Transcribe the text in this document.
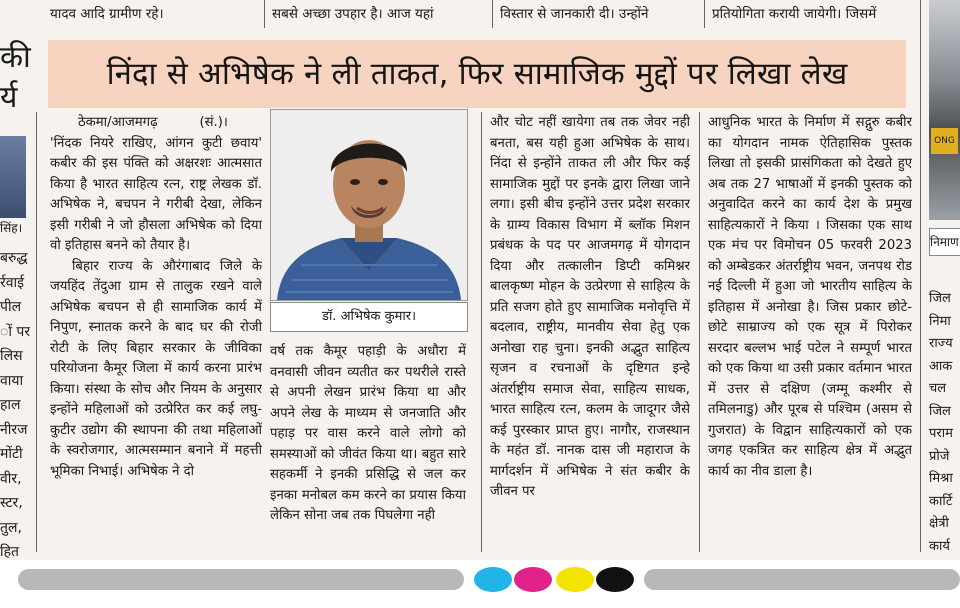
यादव आदि ग्रामीण रहे।	सबसे अच्छा उपहार है। आज यहां	विस्तार से जानकारी दी। उन्होंने	प्रतियोगिता करायी जायेगी। जिसमें
की
र्य
सिंह।
बरुद्ध
र्रवाई
पील
ों पर
लिस
वाया
हाल
नीरज
मोंटी
वीर,
स्टर,
तुल,
हित
ONG
निमाण
जिल
निमा
राज्य
आक
चल
जिल
पराम
प्रोजे
मिश्रा
कार्टि
क्षेत्री
कार्य
निंदा से अभिषेक ने ली ताकत, फिर सामाजिक मुद्दों पर लिखा लेख

ठेकमा/आजमगढ़          (सं.)।

'निंदक नियरे राखिए, आंगन कुटी छवाय' कबीर की इस पंक्ति को अक्षरशः आत्मसात किया है भारत साहित्य रत्न, राष्ट्र लेखक डॉ. अभिषेक ने, बचपन ने गरीबी देखा, लेकिन इसी गरीबी ने जो हौसला अभिषेक को दिया वो इतिहास बनने को तैयार है।

बिहार राज्य के औरंगाबाद जिले के जयहिंद तेंदुआ ग्राम से तालुक रखने वाले अभिषेक बचपन से ही सामाजिक कार्य में निपुण, स्नातक करने के बाद घर की रोजी रोटी के लिए बिहार सरकार के जीविका परियोजना कैमूर जिला में कार्य करना प्रारंभ किया। संस्था के सोच और नियम के अनुसार इन्होंने महिलाओं को उत्प्रेरित कर कई लघु- कुटीर उद्योग की स्थापना की तथा महिलाओं के स्वरोजगार, आत्मसम्मान बनाने में महत्ती भूमिका निभाई। अभिषेक ने दो

डॉ. अभिषेक कुमार।

वर्ष तक कैमूर पहाड़ी के अधौरा में वनवासी जीवन व्यतीत कर पथरीले रास्ते से अपनी लेखन प्रारंभ किया था और अपने लेख के माध्यम से जनजाति और पहाड़ पर वास करने वाले लोगो को समस्याओं को जीवंत किया था। बहुत सारे सहकर्मी ने इनकी प्रसिद्धि से जल कर इनका मनोबल कम करने का प्रयास किया लेकिन सोना जब तक पिघलेगा नही

और चोट नहीं खायेगा तब तक जेवर नही बनता, बस यही हुआ अभिषेक के साथ। निंदा से इन्होंने ताकत ली और फिर कई सामाजिक मुद्दों पर इनके द्वारा लिखा जाने लगा। इसी बीच इन्होंने उत्तर प्रदेश सरकार के ग्राम्य विकास विभाग में ब्लॉक मिशन प्रबंधक के पद पर आजमगढ़ में योगदान दिया और तत्कालीन डिप्टी कमिश्नर बालकृष्ण मोहन के उत्प्रेरणा से साहित्य के प्रति सजग होते हुए सामाजिक मनोवृत्ति में बदलाव, राष्ट्रीय, मानवीय सेवा हेतु एक अनोखा राह चुना। इनकी अद्भुत साहित्य सृजन व रचनाओं के दृष्टिगत इन्हे अंतर्राष्ट्रीय समाज सेवा, साहित्य साधक, भारत साहित्य रत्न, कलम के जादूगर जैसे कई पुरस्कार प्राप्त हुए। नागौर, राजस्थान के महंत डॉ. नानक दास जी महाराज के मार्गदर्शन में अभिषेक ने संत कबीर के जीवन पर

आधुनिक भारत के निर्माण में सद्गुरु कबीर का योगदान नामक ऐतिहासिक पुस्तक लिखा तो इसकी प्रासंगिकता को देखते हुए अब तक 27 भाषाओं में इनकी पुस्तक को अनुवादित करने का कार्य देश के प्रमुख साहित्यकारों ने किया । जिसका एक साथ एक मंच पर विमोचन 05 फरवरी 2023 को अम्बेडकर अंतर्राष्ट्रीय भवन, जनपथ रोड नई दिल्ली में हुआ जो भारतीय साहित्य के इतिहास में अनोखा है। जिस प्रकार छोटे-छोटे साम्राज्य को एक सूत्र में पिरोकर सरदार बल्लभ भाई पटेल ने सम्पूर्ण भारत को एक किया था उसी प्रकार वर्तमान भारत में उत्तर से दक्षिण (जम्मू कश्मीर से तमिलनाडु) और पूरब से पश्चिम (असम से गुजरात) के विद्वान साहित्यकारों को एक जगह एकत्रित कर साहित्य क्षेत्र में अद्भुत कार्य का नीव डाला है।
